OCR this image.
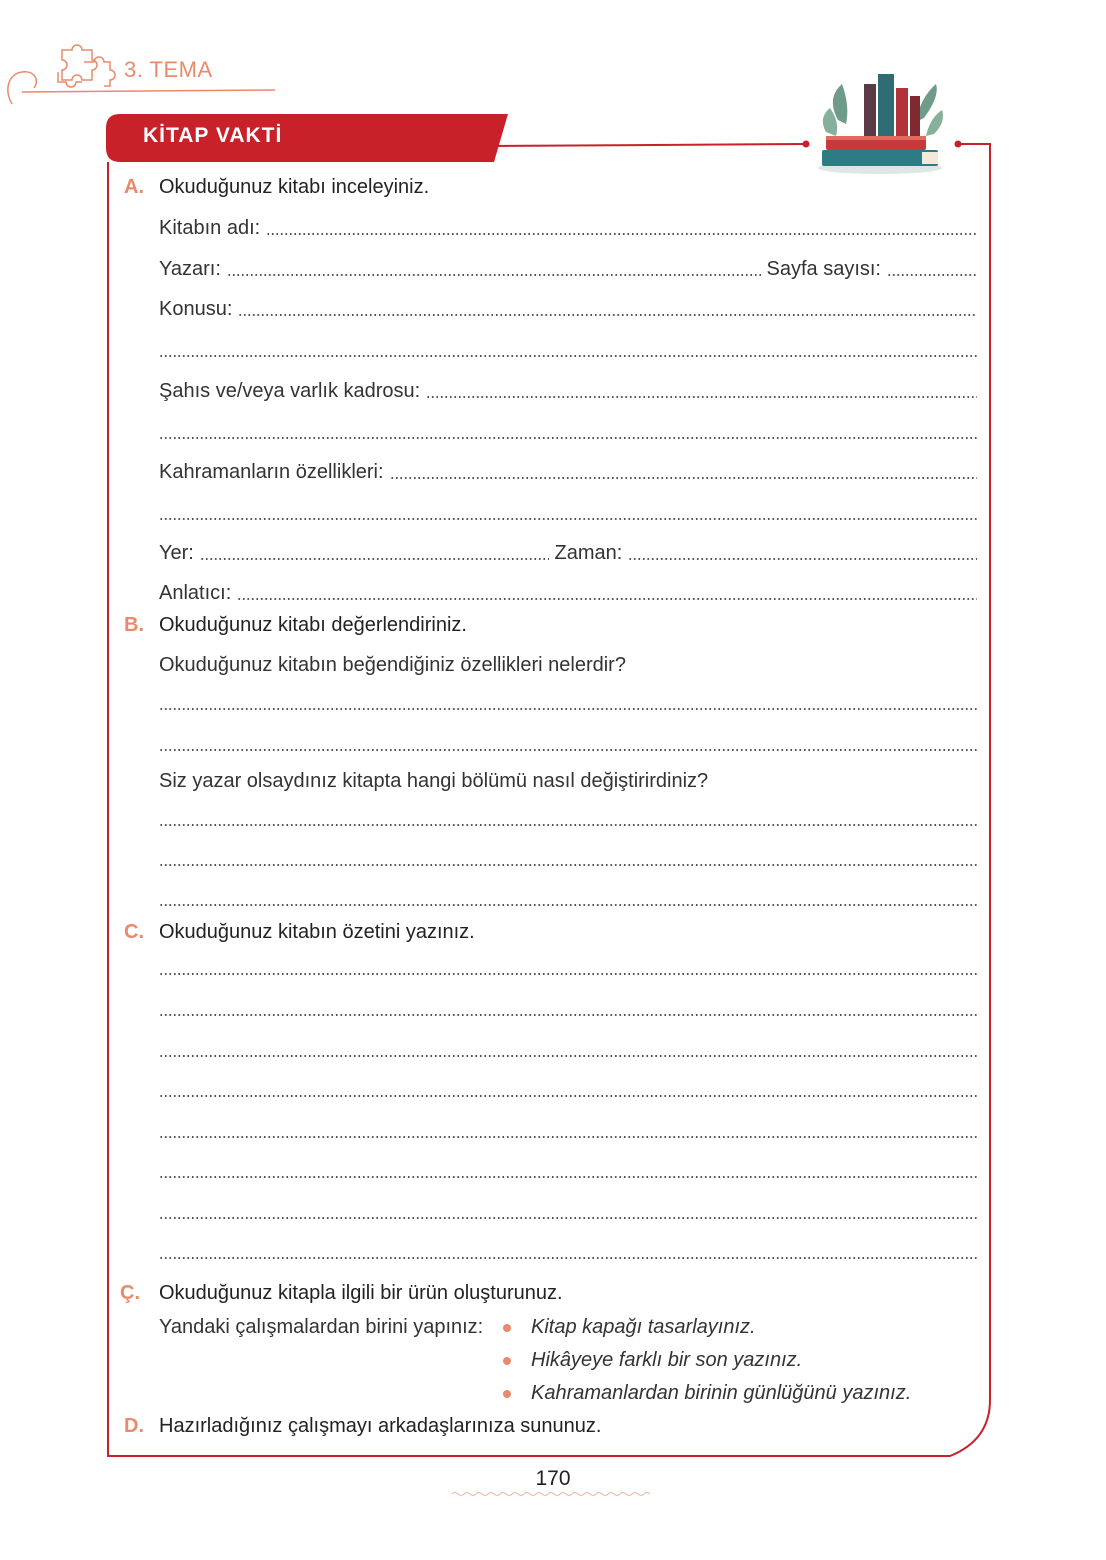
3. TEMA
KİTAP VAKTİ
A. Okuduğunuz kitabı inceleyiniz.
Kitabın adı:
Yazarı:	Sayfa sayısı:
Konusu:
Şahıs ve/veya varlık kadrosu:
Kahramanların özellikleri:
Yer:	Zaman:
Anlatıcı:
B. Okuduğunuz kitabı değerlendiriniz.
Okuduğunuz kitabın beğendiğiniz özellikleri nelerdir?
Siz yazar olsaydınız kitapta hangi bölümü nasıl değiştirirdiniz?
C. Okuduğunuz kitabın özetini yazınız.
Ç. Okuduğunuz kitapla ilgili bir ürün oluşturunuz.
Yandaki çalışmalardan birini yapınız: Kitap kapağı tasarlayınız.
Hikâyeye farklı bir son yazınız.
Kahramanlardan birinin günlüğünü yazınız.
D. Hazırladığınız çalışmayı arkadaşlarınıza sununuz.
170
